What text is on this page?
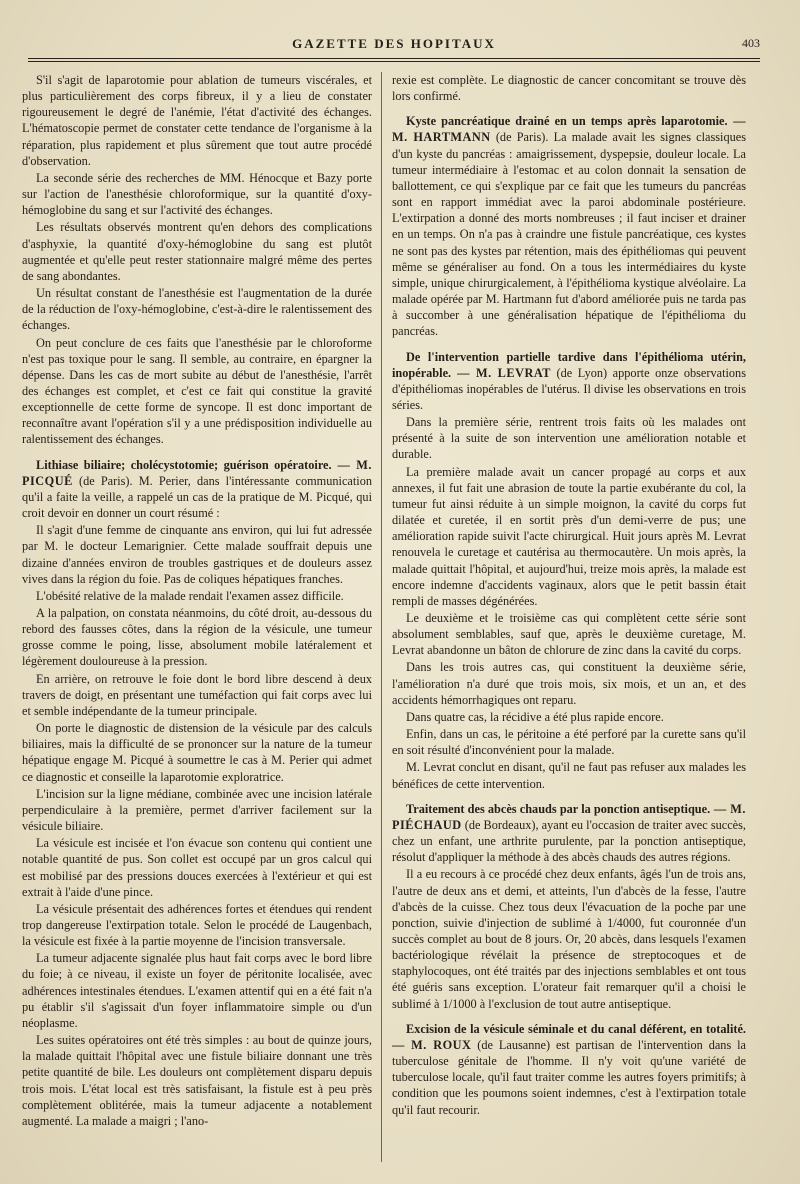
GAZETTE DES HOPITAUX	403

S'il s'agit de laparotomie pour ablation de tumeurs viscérales, et plus particulièrement des corps fibreux, il y a lieu de constater rigoureusement le degré de l'anémie, l'état d'activité des échanges. L'hématoscopie permet de constater cette tendance de l'organisme à la réparation, plus rapidement et plus sûrement que tout autre procédé d'observation.

La seconde série des recherches de MM. Hénocque et Bazy porte sur l'action de l'anesthésie chloroformique, sur la quantité d'oxy-hémoglobine du sang et sur l'activité des échanges.

Les résultats observés montrent qu'en dehors des complications d'asphyxie, la quantité d'oxy-hémoglobine du sang est plutôt augmentée et qu'elle peut rester stationnaire malgré même des pertes de sang abondantes.

Un résultat constant de l'anesthésie est l'augmentation de la durée de la réduction de l'oxy-hémoglobine, c'est-à-dire le ralentissement des échanges.

On peut conclure de ces faits que l'anesthésie par le chloroforme n'est pas toxique pour le sang. Il semble, au contraire, en épargner la dépense. Dans les cas de mort subite au début de l'anesthésie, l'arrêt des échanges est complet, et c'est ce fait qui constitue la gravité exceptionnelle de cette forme de syncope. Il est donc important de reconnaître avant l'opération s'il y a une prédisposition individuelle au ralentissement des échanges.

Lithiase biliaire; cholécystotomie; guérison opératoire. — M. PICQUÉ (de Paris). M. Perier, dans l'intéressante communication qu'il a faite la veille, a rappelé un cas de la pratique de M. Picqué, qui croit devoir en donner un court résumé :

Il s'agit d'une femme de cinquante ans environ, qui lui fut adressée par M. le docteur Lemarignier. Cette malade souffrait depuis une dizaine d'années environ de troubles gastriques et de douleurs assez vives dans la région du foie. Pas de coliques hépatiques franches.

L'obésité relative de la malade rendait l'examen assez difficile.

A la palpation, on constata néanmoins, du côté droit, au-dessous du rebord des fausses côtes, dans la région de la vésicule, une tumeur grosse comme le poing, lisse, absolument mobile latéralement et légèrement douloureuse à la pression.

En arrière, on retrouve le foie dont le bord libre descend à deux travers de doigt, en présentant une tuméfaction qui fait corps avec lui et semble indépendante de la tumeur principale.

On porte le diagnostic de distension de la vésicule par des calculs biliaires, mais la difficulté de se prononcer sur la nature de la tumeur hépatique engage M. Picqué à soumettre le cas à M. Perier qui admet ce diagnostic et conseille la laparotomie exploratrice.

L'incision sur la ligne médiane, combinée avec une incision latérale perpendiculaire à la première, permet d'arriver facilement sur la vésicule biliaire.

La vésicule est incisée et l'on évacue son contenu qui contient une notable quantité de pus. Son collet est occupé par un gros calcul qui est mobilisé par des pressions douces exercées à l'extérieur et qui est extrait à l'aide d'une pince.

La vésicule présentait des adhérences fortes et étendues qui rendent trop dangereuse l'extirpation totale. Selon le procédé de Laugenbach, la vésicule est fixée à la partie moyenne de l'incision transversale.

La tumeur adjacente signalée plus haut fait corps avec le bord libre du foie; à ce niveau, il existe un foyer de péritonite localisée, avec adhérences intestinales étendues. L'examen attentif qui en a été fait n'a pu établir s'il s'agissait d'un foyer inflammatoire simple ou d'un néoplasme.

Les suites opératoires ont été très simples : au bout de quinze jours, la malade quittait l'hôpital avec une fistule biliaire donnant une très petite quantité de bile. Les douleurs ont complètement disparu depuis trois mois. L'état local est très satisfaisant, la fistule est à peu près complètement oblitérée, mais la tumeur adjacente a notablement augmenté. La malade a maigri ; l'ano-

rexie est complète. Le diagnostic de cancer concomitant se trouve dès lors confirmé.

Kyste pancréatique drainé en un temps après laparotomie. — M. HARTMANN (de Paris). La malade avait les signes classiques d'un kyste du pancréas : amaigrissement, dyspepsie, douleur locale. La tumeur intermédiaire à l'estomac et au colon donnait la sensation de ballottement, ce qui s'explique par ce fait que les tumeurs du pancréas sont en rapport immédiat avec la paroi abdominale postérieure. L'extirpation a donné des morts nombreuses ; il faut inciser et drainer en un temps. On n'a pas à craindre une fistule pancréatique, ces kystes ne sont pas des kystes par rétention, mais des épithéliomas qui peuvent même se généraliser au fond. On a tous les intermédiaires du kyste simple, unique chirurgicalement, à l'épithélioma kystique alvéolaire. La malade opérée par M. Hartmann fut d'abord améliorée puis ne tarda pas à succomber à une généralisation hépatique de l'épithélioma du pancréas.

De l'intervention partielle tardive dans l'épithélioma utérin, inopérable. — M. LEVRAT (de Lyon) apporte onze observations d'épithéliomas inopérables de l'utérus. Il divise les observations en trois séries.

Dans la première série, rentrent trois faits où les malades ont présenté à la suite de son intervention une amélioration notable et durable.

La première malade avait un cancer propagé au corps et aux annexes, il fut fait une abrasion de toute la partie exubérante du col, la tumeur fut ainsi réduite à un simple moignon, la cavité du corps fut dilatée et curetée, il en sortit près d'un demi-verre de pus; une amélioration rapide suivit l'acte chirurgical. Huit jours après M. Levrat renouvela le curetage et cautérisa au thermocautère. Un mois après, la malade quittait l'hôpital, et aujourd'hui, treize mois après, la malade est encore indemne d'accidents vaginaux, alors que le petit bassin était rempli de masses dégénérées.

Le deuxième et le troisième cas qui complètent cette série sont absolument semblables, sauf que, après le deuxième curetage, M. Levrat abandonne un bâton de chlorure de zinc dans la cavité du corps.

Dans les trois autres cas, qui constituent la deuxième série, l'amélioration n'a duré que trois mois, six mois, et un an, et des accidents hémorrhagiques ont reparu.

Dans quatre cas, la récidive a été plus rapide encore.

Enfin, dans un cas, le péritoine a été perforé par la curette sans qu'il en soit résulté d'inconvénient pour la malade.

M. Levrat conclut en disant, qu'il ne faut pas refuser aux malades les bénéfices de cette intervention.

Traitement des abcès chauds par la ponction antiseptique. — M. PIÉCHAUD (de Bordeaux), ayant eu l'occasion de traiter avec succès, chez un enfant, une arthrite purulente, par la ponction antiseptique, résolut d'appliquer la méthode à des abcès chauds des autres régions.

Il a eu recours à ce procédé chez deux enfants, âgés l'un de trois ans, l'autre de deux ans et demi, et atteints, l'un d'abcès de la fesse, l'autre d'abcès de la cuisse. Chez tous deux l'évacuation de la poche par une ponction, suivie d'injection de sublimé à 1/4000, fut couronnée d'un succès complet au bout de 8 jours. Or, 20 abcès, dans lesquels l'examen bactériologique révélait la présence de streptocoques et de staphylocoques, ont été traités par des injections semblables et ont tous été guéris sans exception. L'orateur fait remarquer qu'il a choisi le sublimé à 1/1000 à l'exclusion de tout autre antiseptique.

Excision de la vésicule séminale et du canal déférent, en totalité. — M. ROUX (de Lausanne) est partisan de l'intervention dans la tuberculose génitale de l'homme. Il n'y voit qu'une variété de tuberculose locale, qu'il faut traiter comme les autres foyers primitifs; à condition que les poumons soient indemnes, c'est à l'extirpation totale qu'il faut recourir.
